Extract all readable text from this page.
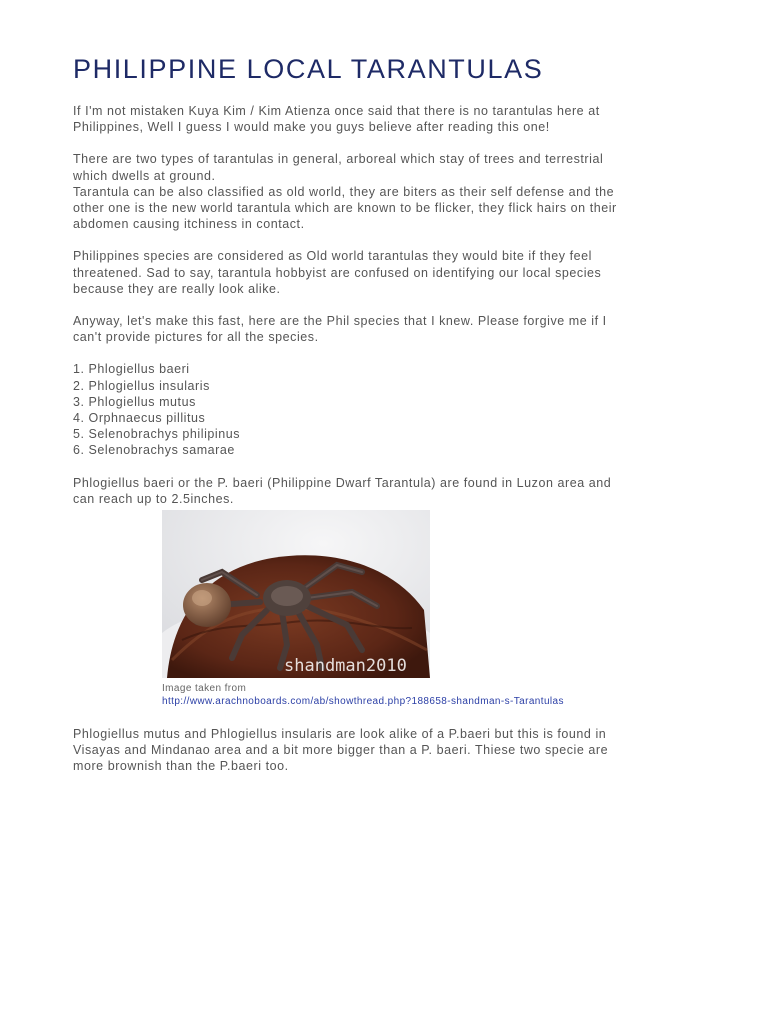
PHILIPPINE LOCAL TARANTULAS

If I'm not mistaken Kuya Kim / Kim Atienza once said that there is no tarantulas here at
Philippines, Well I guess I would make you guys believe after reading this one!

There are two types of tarantulas in general, arboreal which stay of trees and terrestrial
which dwells at ground.
Tarantula can be also classified as old world, they are biters as their self defense and the
other one is the new world tarantula which are known to be flicker, they flick hairs on their
abdomen causing itchiness in contact.

Philippines species are considered as Old world tarantulas they would bite if they feel
threatened. Sad to say, tarantula hobbyist are confused on identifying our local species
because they are really look alike.

Anyway, let's make this fast, here are the Phil species that I knew. Please forgive me if I
can't provide pictures for all the species.

1. Phlogiellus baeri
2. Phlogiellus insularis
3. Phlogiellus mutus
4. Orphnaecus pillitus
5. Selenobrachys philipinus
6. Selenobrachys samarae

Phlogiellus baeri or the P. baeri (Philippine Dwarf Tarantula) are found in Luzon area and
can reach up to 2.5inches.

shandman2010
Image taken from
http://www.arachnoboards.com/ab/showthread.php?188658-shandman-s-Tarantulas

Phlogiellus mutus and Phlogiellus insularis are look alike of a P.baeri but this is found in
Visayas and Mindanao area and a bit more bigger than a P. baeri. Thiese two specie are
more brownish than the P.baeri too.
